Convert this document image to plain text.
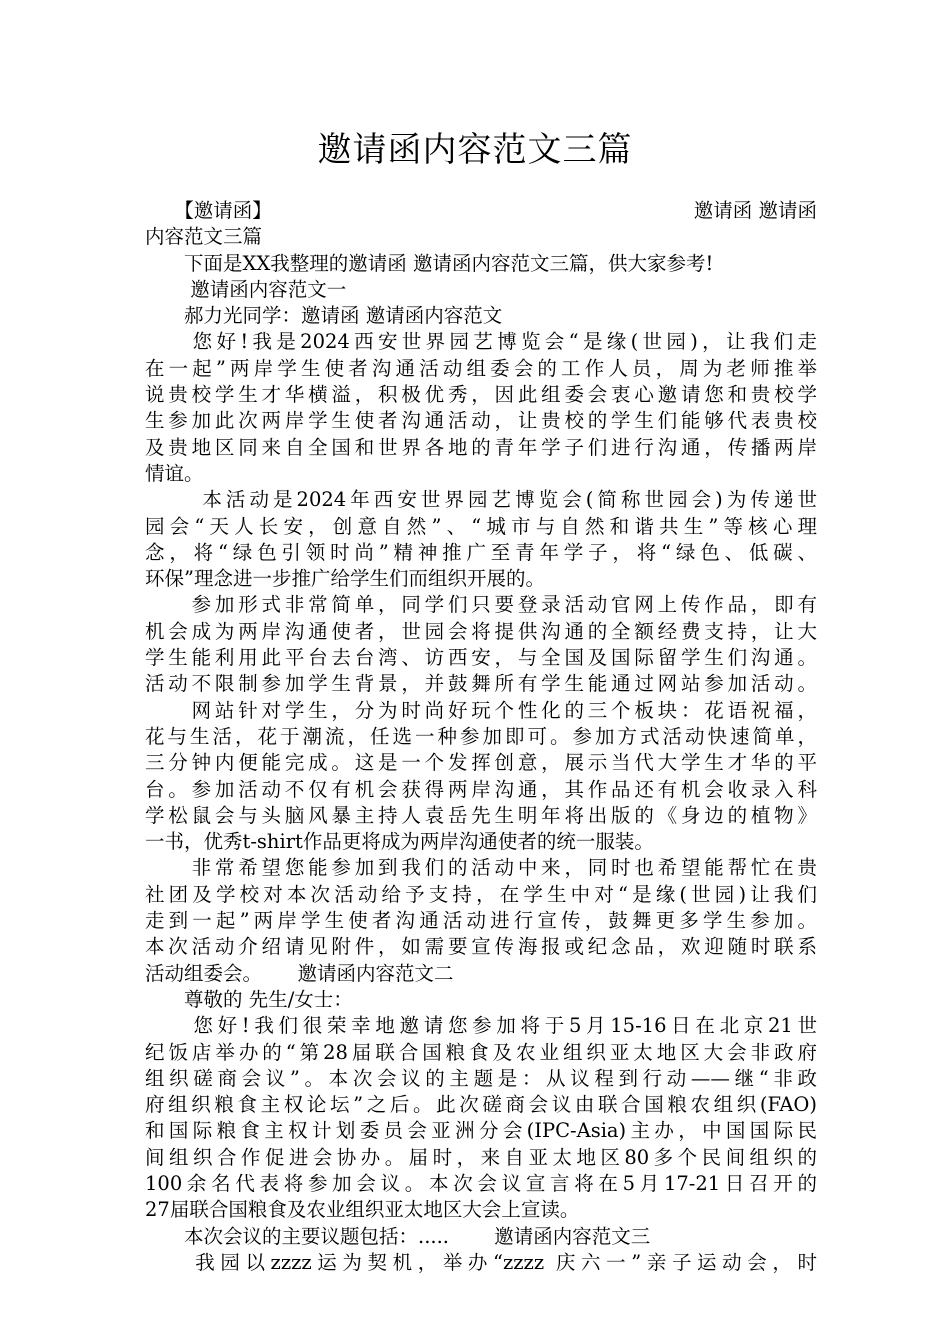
邀请函内容范文三篇
　　【邀请函】	邀请函 邀请函
内容范文三篇
　　下面是XX我整理的邀请函 邀请函内容范文三篇，供大家参考!
　　 邀请函内容范文一
　　郝力光同学：邀请函 邀请函内容范文
　　您好!我是2024西安世界园艺博览会“是缘(世园)，让我们走
在一起”两岸学生使者沟通活动组委会的工作人员，周为老师推举
说贵校学生才华横溢，积极优秀，因此组委会衷心邀请您和贵校学
生参加此次两岸学生使者沟通活动，让贵校的学生们能够代表贵校
及贵地区同来自全国和世界各地的青年学子们进行沟通，传播两岸
情谊。
　　 本活动是2024年西安世界园艺博览会(简称世园会)为传递世
园会“天人长安，创意自然”、“城市与自然和谐共生”等核心理
念，将“绿色引领时尚”精神推广至青年学子，将“绿色、低碳、
环保”理念进一步推广给学生们而组织开展的。
　　参加形式非常简单，同学们只要登录活动官网上传作品，即有
机会成为两岸沟通使者，世园会将提供沟通的全额经费支持，让大
学生能利用此平台去台湾、访西安，与全国及国际留学生们沟通。
活动不限制参加学生背景，并鼓舞所有学生能通过网站参加活动。
　　网站针对学生，分为时尚好玩个性化的三个板块：花语祝福，
花与生活，花于潮流，任选一种参加即可。参加方式活动快速简单，
三分钟内便能完成。这是一个发挥创意，展示当代大学生才华的平
台。参加活动不仅有机会获得两岸沟通，其作品还有机会收录入科
学松鼠会与头脑风暴主持人袁岳先生明年将出版的《身边的植物》
一书，优秀t-shirt作品更将成为两岸沟通使者的统一服装。
　　非常希望您能参加到我们的活动中来，同时也希望能帮忙在贵
社团及学校对本次活动给予支持，在学生中对“是缘(世园)让我们
走到一起”两岸学生使者沟通活动进行宣传，鼓舞更多学生参加。
本次活动介绍请见附件，如需要宣传海报或纪念品，欢迎随时联系
活动组委会。　　 邀请函内容范文二
　　尊敬的 先生/女士：
　　您好!我们很荣幸地邀请您参加将于5月15-16日在北京21世
纪饭店举办的“第28届联合国粮食及农业组织亚太地区大会非政府
组织磋商会议”。本次会议的主题是：从议程到行动——继“非政
府组织粮食主权论坛”之后。此次磋商会议由联合国粮农组织(FAO)
和国际粮食主权计划委员会亚洲分会(IPC-Asia)主办，中国国际民
间组织合作促进会协办。届时，来自亚太地区80多个民间组织的
100余名代表将参加会议。本次会议宣言将在5月17-21日召开的
27届联合国粮食及农业组织亚太地区大会上宣读。
　　本次会议的主要议题包括：.....　　 邀请函内容范文三
　　我园以zzzz运为契机，举办“zzzz 庆六一”亲子运动会，时
